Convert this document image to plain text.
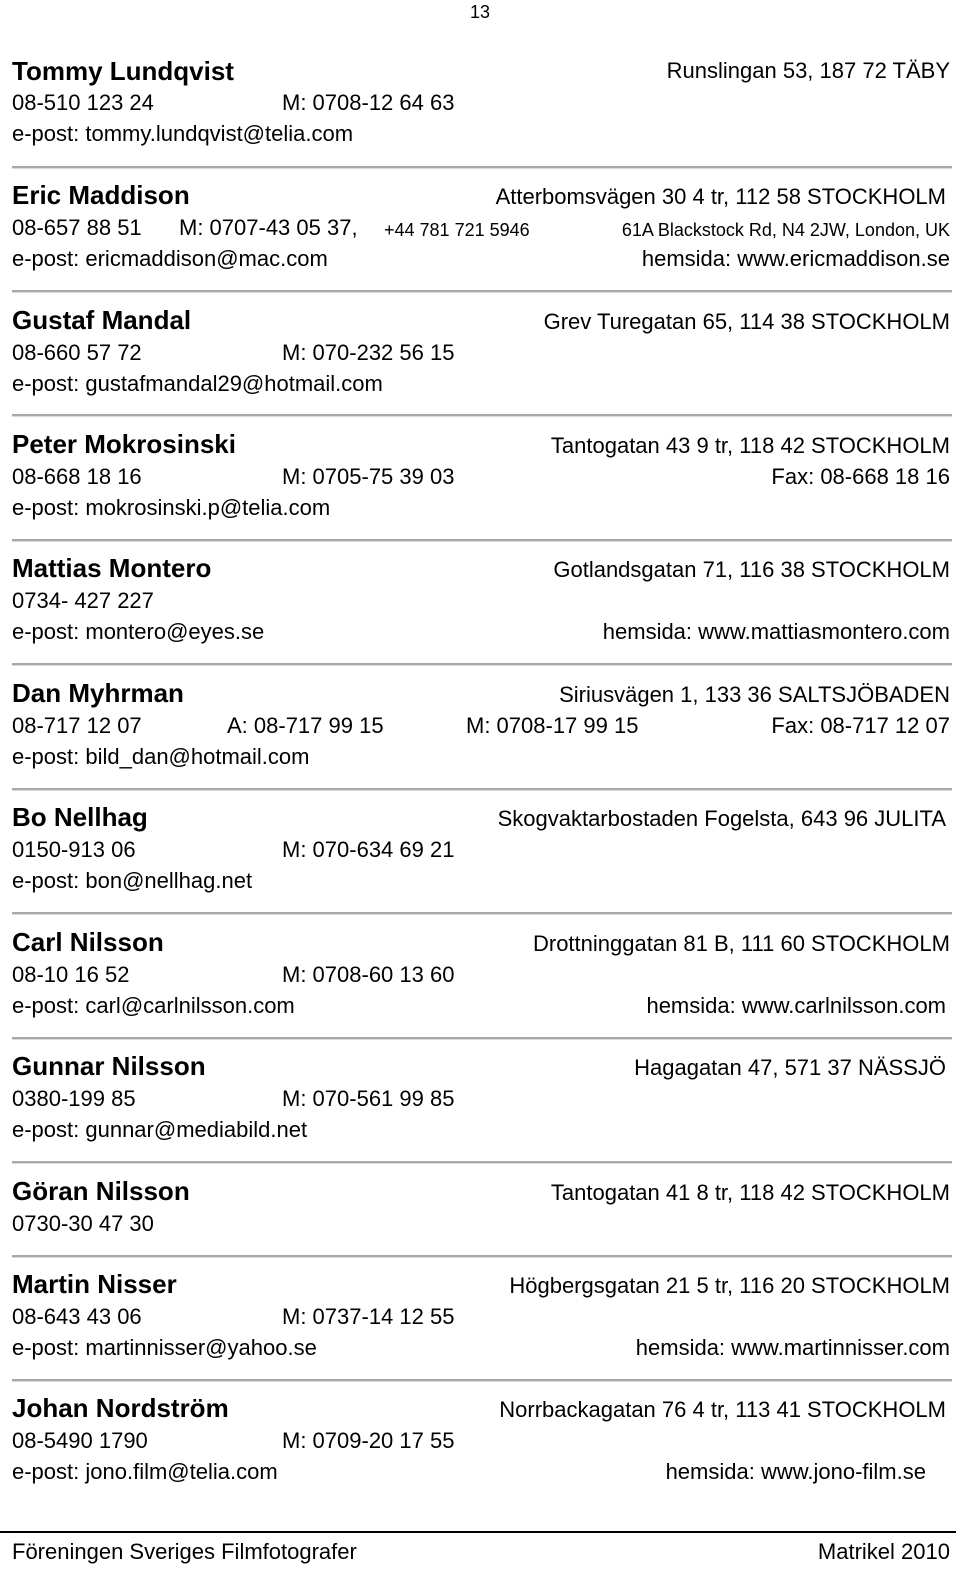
13
Tommy Lundqvist	Runslingan 53, 187 72 TÄBY
08-510 123 24	M: 0708-12 64 63
e-post: tommy.lundqvist@telia.com
Eric Maddison	Atterbomsvägen 30 4 tr, 112 58 STOCKHOLM
08-657 88 51 M: 0707-43 05 37, +44 781 721 5946	61A Blackstock Rd, N4 2JW, London, UK
e-post: ericmaddison@mac.com	hemsida: www.ericmaddison.se
Gustaf Mandal	Grev Turegatan 65, 114 38 STOCKHOLM
08-660 57 72	M: 070-232 56 15
e-post: gustafmandal29@hotmail.com
Peter Mokrosinski	Tantogatan 43 9 tr, 118 42 STOCKHOLM
08-668 18 16	M: 0705-75 39 03	Fax: 08-668 18 16
e-post: mokrosinski.p@telia.com
Mattias Montero	Gotlandsgatan 71, 116 38 STOCKHOLM
0734- 427 227
e-post: montero@eyes.se	hemsida: www.mattiasmontero.com
Dan Myhrman	Siriusvägen 1, 133 36 SALTSJÖBADEN
08-717 12 07	A: 08-717 99 15	M: 0708-17 99 15	Fax: 08-717 12 07
e-post: bild_dan@hotmail.com
Bo Nellhag	Skogvaktarbostaden Fogelsta, 643 96 JULITA
0150-913 06	M: 070-634 69 21
e-post: bon@nellhag.net
Carl Nilsson	Drottninggatan 81 B, 111 60 STOCKHOLM
08-10 16 52	M: 0708-60 13 60
e-post: carl@carlnilsson.com	hemsida: www.carlnilsson.com
Gunnar Nilsson	Hagagatan 47, 571 37 NÄSSJÖ
0380-199 85	M: 070-561 99 85
e-post: gunnar@mediabild.net
Göran Nilsson	Tantogatan 41 8 tr, 118 42 STOCKHOLM
0730-30 47 30
Martin Nisser	Högbergsgatan 21 5 tr, 116 20 STOCKHOLM
08-643 43 06	M: 0737-14 12 55
e-post: martinnisser@yahoo.se	hemsida: www.martinnisser.com
Johan Nordström	Norrbackagatan 76 4 tr, 113 41 STOCKHOLM
08-5490 1790	M: 0709-20 17 55
e-post: jono.film@telia.com	hemsida: www.jono-film.se
Föreningen Sveriges Filmfotografer	Matrikel 2010
